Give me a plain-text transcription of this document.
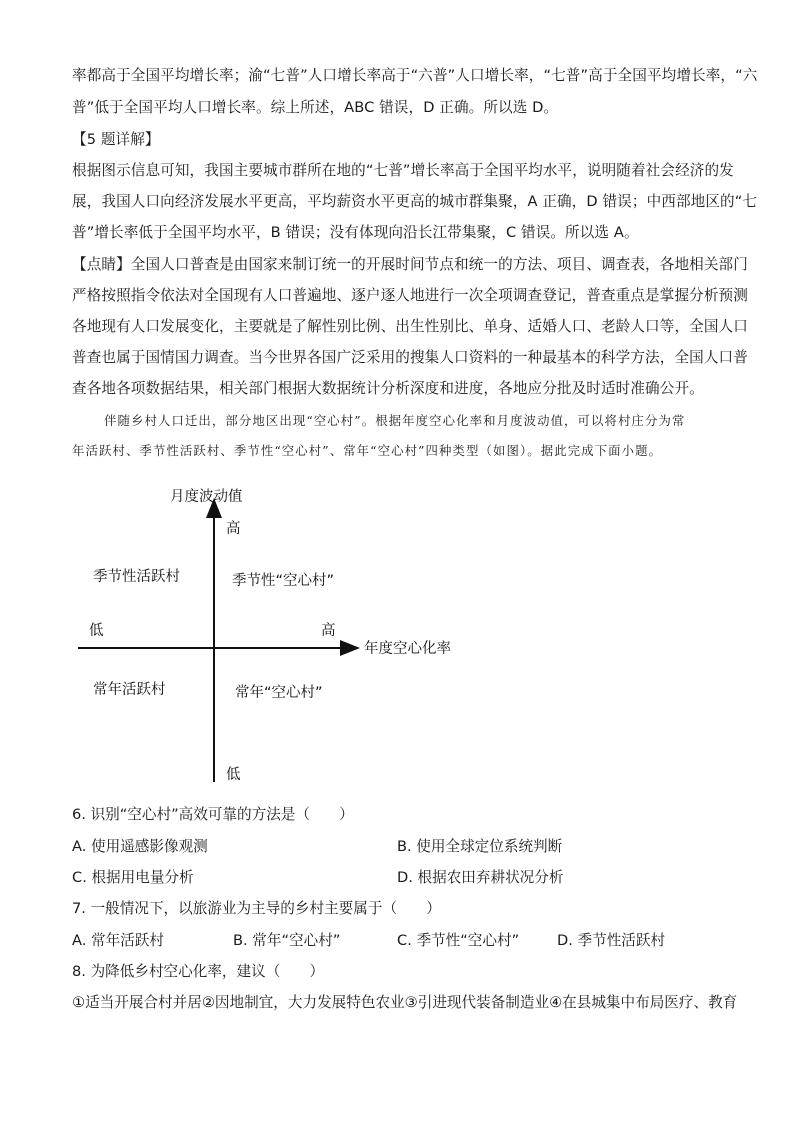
率都高于全国平均增长率；渝“七普”人口增长率高于“六普”人口增长率，“七普”高于全国平均增长率，“六
普”低于全国平均人口增长率。综上所述，ABC 错误，D 正确。所以选 D。
【5 题详解】
根据图示信息可知，我国主要城市群所在地的“七普”增长率高于全国平均水平，说明随着社会经济的发
展，我国人口向经济发展水平更高，平均薪资水平更高的城市群集聚，A 正确，D 错误；中西部地区的“七
普”增长率低于全国平均水平，B 错误；没有体现向沿长江带集聚，C 错误。所以选 A。
【点睛】全国人口普查是由国家来制订统一的开展时间节点和统一的方法、项目、调查表，各地相关部门
严格按照指令依法对全国现有人口普遍地、逐户逐人地进行一次全项调查登记，普查重点是掌握分析预测
各地现有人口发展变化，主要就是了解性别比例、出生性别比、单身、适婚人口、老龄人口等，全国人口
普查也属于国情国力调查。当今世界各国广泛采用的搜集人口资料的一种最基本的科学方法，全国人口普
查各地各项数据结果，相关部门根据大数据统计分析深度和进度，各地应分批及时适时准确公开。
伴随乡村人口迁出，部分地区出现“空心村”。根据年度空心化率和月度波动值，可以将村庄分为常
年活跃村、季节性活跃村、季节性“空心村”、常年“空心村”四种类型（如图）。据此完成下面小题。
月度波动值
高
低
低	高
年度空心化率
季节性活跃村	季节性“空心村”
常年活跃村	常年“空心村”
6. 识别“空心村”高效可靠的方法是（　　）
A. 使用遥感影像观测	B. 使用全球定位系统判断
C. 根据用电量分析	D. 根据农田弃耕状况分析
7. 一般情况下，以旅游业为主导的乡村主要属于（　　）
A. 常年活跃村	B. 常年“空心村”	C. 季节性“空心村”	D. 季节性活跃村
8. 为降低乡村空心化率，建议（　　）
①适当开展合村并居②因地制宜，大力发展特色农业③引进现代装备制造业④在县城集中布局医疗、教育
